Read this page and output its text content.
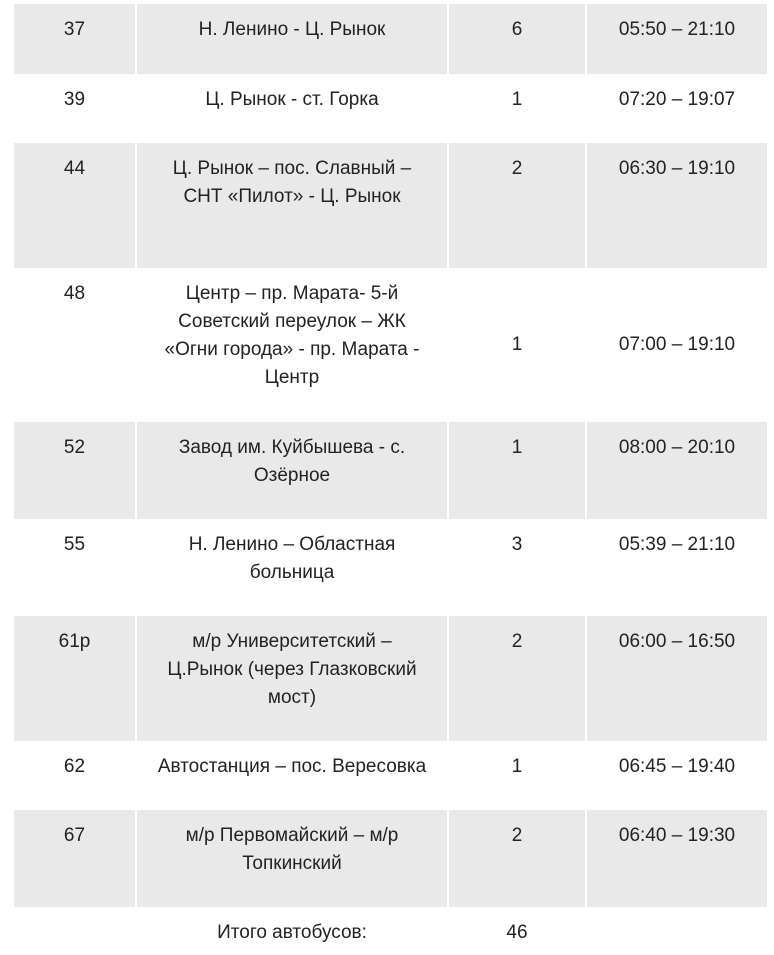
37	Н. Ленино - Ц. Рынок	6	05:50 – 21:10
39	Ц. Рынок - ст. Горка	1	07:20 – 19:07
44	Ц. Рынок – пос. Славный – СНТ «Пилот» - Ц. Рынок	2	06:30 – 19:10
48	Центр – пр. Марата- 5-й Советский переулок – ЖК «Огни города» - пр. Марата - Центр	1	07:00 – 19:10
52	Завод им. Куйбышева - с. Озёрное	1	08:00 – 20:10
55	Н. Ленино – Областная больница	3	05:39 – 21:10
61р	м/р Университетский – Ц.Рынок (через Глазковский мост)	2	06:00 – 16:50
62	Автостанция – пос. Вересовка	1	06:45 – 19:40
67	м/р Первомайский – м/р Топкинский	2	06:40 – 19:30
	Итого автобусов:	46	
